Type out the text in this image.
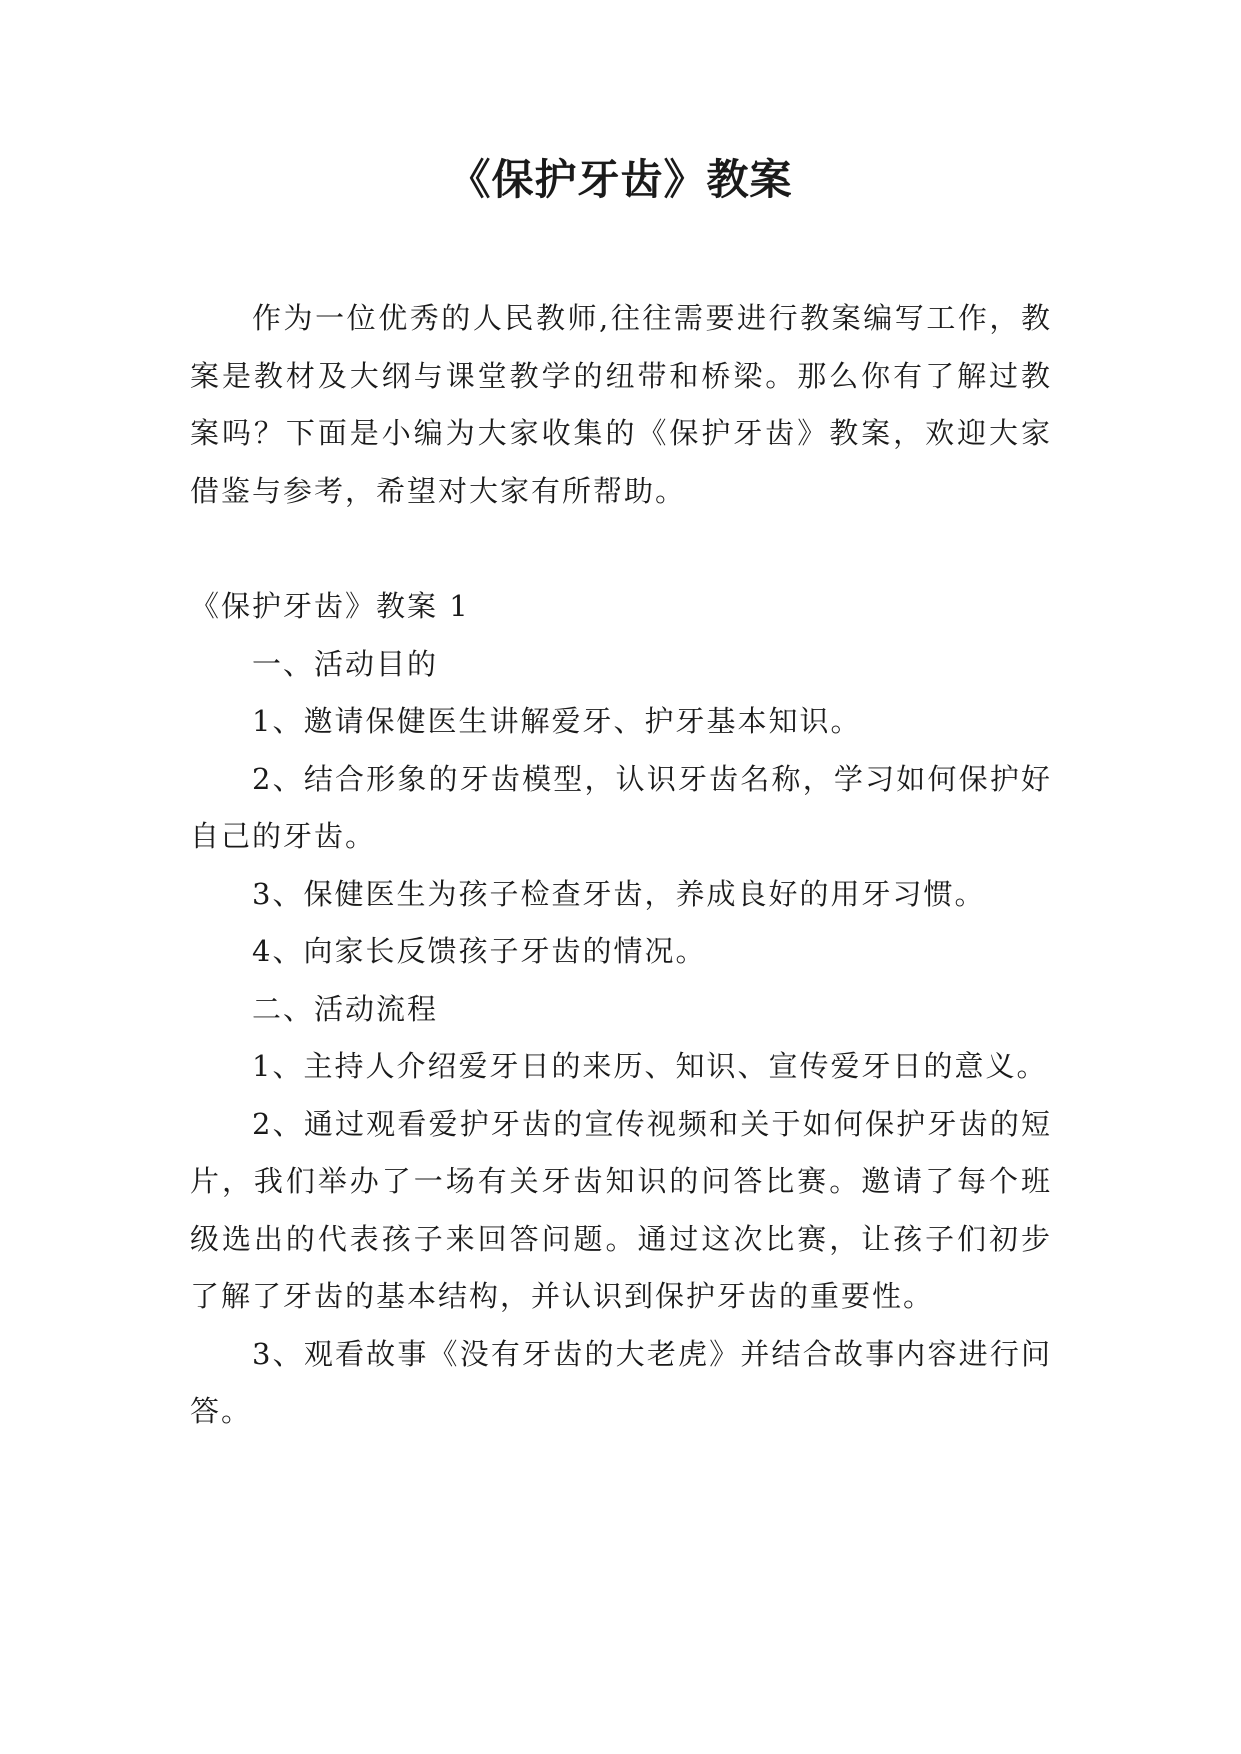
《保护牙齿》教案

作为一位优秀的人民教师,往往需要进行教案编写工作，教案是教材及大纲与课堂教学的纽带和桥梁。那么你有了解过教案吗？下面是小编为大家收集的《保护牙齿》教案，欢迎大家借鉴与参考，希望对大家有所帮助。

《保护牙齿》教案 1

一、活动目的

1、邀请保健医生讲解爱牙、护牙基本知识。

2、结合形象的牙齿模型，认识牙齿名称，学习如何保护好自己的牙齿。

3、保健医生为孩子检查牙齿，养成良好的用牙习惯。

4、向家长反馈孩子牙齿的情况。

二、活动流程

1、主持人介绍爱牙日的来历、知识、宣传爱牙日的意义。

2、通过观看爱护牙齿的宣传视频和关于如何保护牙齿的短片，我们举办了一场有关牙齿知识的问答比赛。邀请了每个班级选出的代表孩子来回答问题。通过这次比赛，让孩子们初步了解了牙齿的基本结构，并认识到保护牙齿的重要性。

3、观看故事《没有牙齿的大老虎》并结合故事内容进行问答。
